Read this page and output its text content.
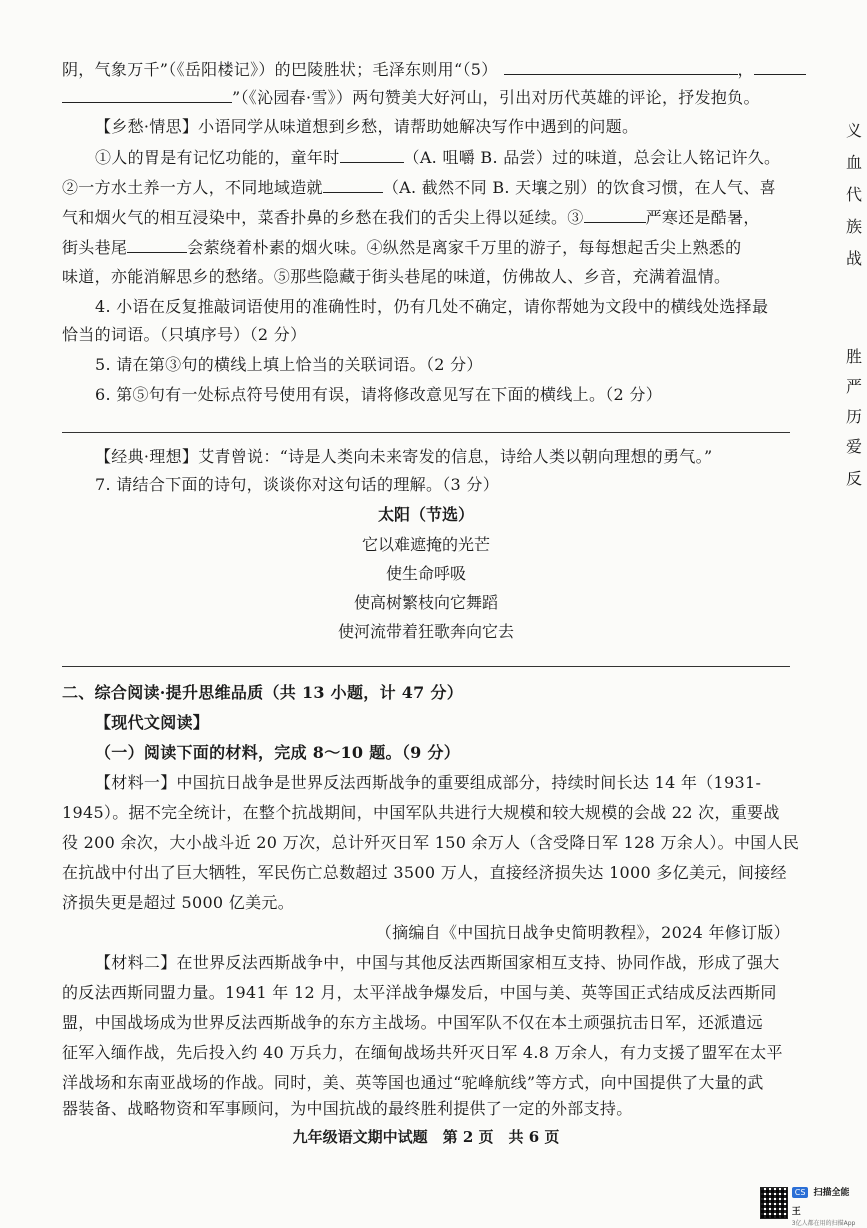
阴，气象万千”（《岳阳楼记》）的巴陵胜状；毛泽东则用“（5）	，
”（《沁园春·雪》）两句赞美大好河山，引出对历代英雄的评论，抒发抱负。
【乡愁·情思】小语同学从味道想到乡愁，请帮助她解决写作中遇到的问题。
①人的胃是有记忆功能的，童年时	（A. 咀嚼 B. 品尝）过的味道，总会让人铭记许久。
②一方水土养一方人，不同地域造就	（A. 截然不同 B. 天壤之别）的饮食习惯，在人气、喜
气和烟火气的相互浸染中，菜香扑鼻的乡愁在我们的舌尖上得以延续。③	严寒还是酷暑，
街头巷尾	会萦绕着朴素的烟火味。④纵然是离家千万里的游子，每每想起舌尖上熟悉的
味道，亦能消解思乡的愁绪。⑤那些隐藏于街头巷尾的味道，仿佛故人、乡音，充满着温情。
4. 小语在反复推敲词语使用的准确性时，仍有几处不确定，请你帮她为文段中的横线处选择最
恰当的词语。（只填序号）（2 分）
5. 请在第③句的横线上填上恰当的关联词语。（2 分）
6. 第⑤句有一处标点符号使用有误，请将修改意见写在下面的横线上。（2 分）
【经典·理想】艾青曾说：“诗是人类向未来寄发的信息，诗给人类以朝向理想的勇气。”
7. 请结合下面的诗句，谈谈你对这句话的理解。（3 分）
太阳（节选）
它以难遮掩的光芒
使生命呼吸
使高树繁枝向它舞蹈
使河流带着狂歌奔向它去
二、综合阅读·提升思维品质（共 13 小题，计 47 分）
【现代文阅读】
（一）阅读下面的材料，完成 8～10 题。（9 分）
【材料一】中国抗日战争是世界反法西斯战争的重要组成部分，持续时间长达 14 年（1931-
1945）。据不完全统计，在整个抗战期间，中国军队共进行大规模和较大规模的会战 22 次，重要战
役 200 余次，大小战斗近 20 万次，总计歼灭日军 150 余万人（含受降日军 128 万余人）。中国人民
在抗战中付出了巨大牺牲，军民伤亡总数超过 3500 万人，直接经济损失达 1000 多亿美元，间接经
济损失更是超过 5000 亿美元。
（摘编自《中国抗日战争史简明教程》，2024 年修订版）
【材料二】在世界反法西斯战争中，中国与其他反法西斯国家相互支持、协同作战，形成了强大
的反法西斯同盟力量。1941 年 12 月，太平洋战争爆发后，中国与美、英等国正式结成反法西斯同
盟，中国战场成为世界反法西斯战争的东方主战场。中国军队不仅在本土顽强抗击日军，还派遣远
征军入缅作战，先后投入约 40 万兵力，在缅甸战场共歼灭日军 4.8 万余人，有力支援了盟军在太平
洋战场和东南亚战场的作战。同时，美、英等国也通过“驼峰航线”等方式，向中国提供了大量的武
器装备、战略物资和军事顾问，为中国抗战的最终胜利提供了一定的外部支持。
九年级语文期中试题　第 2 页　共 6 页
义
血
代
族
战
胜
严
历
爱
反
CS 扫描全能王
3亿人都在用的扫描App
